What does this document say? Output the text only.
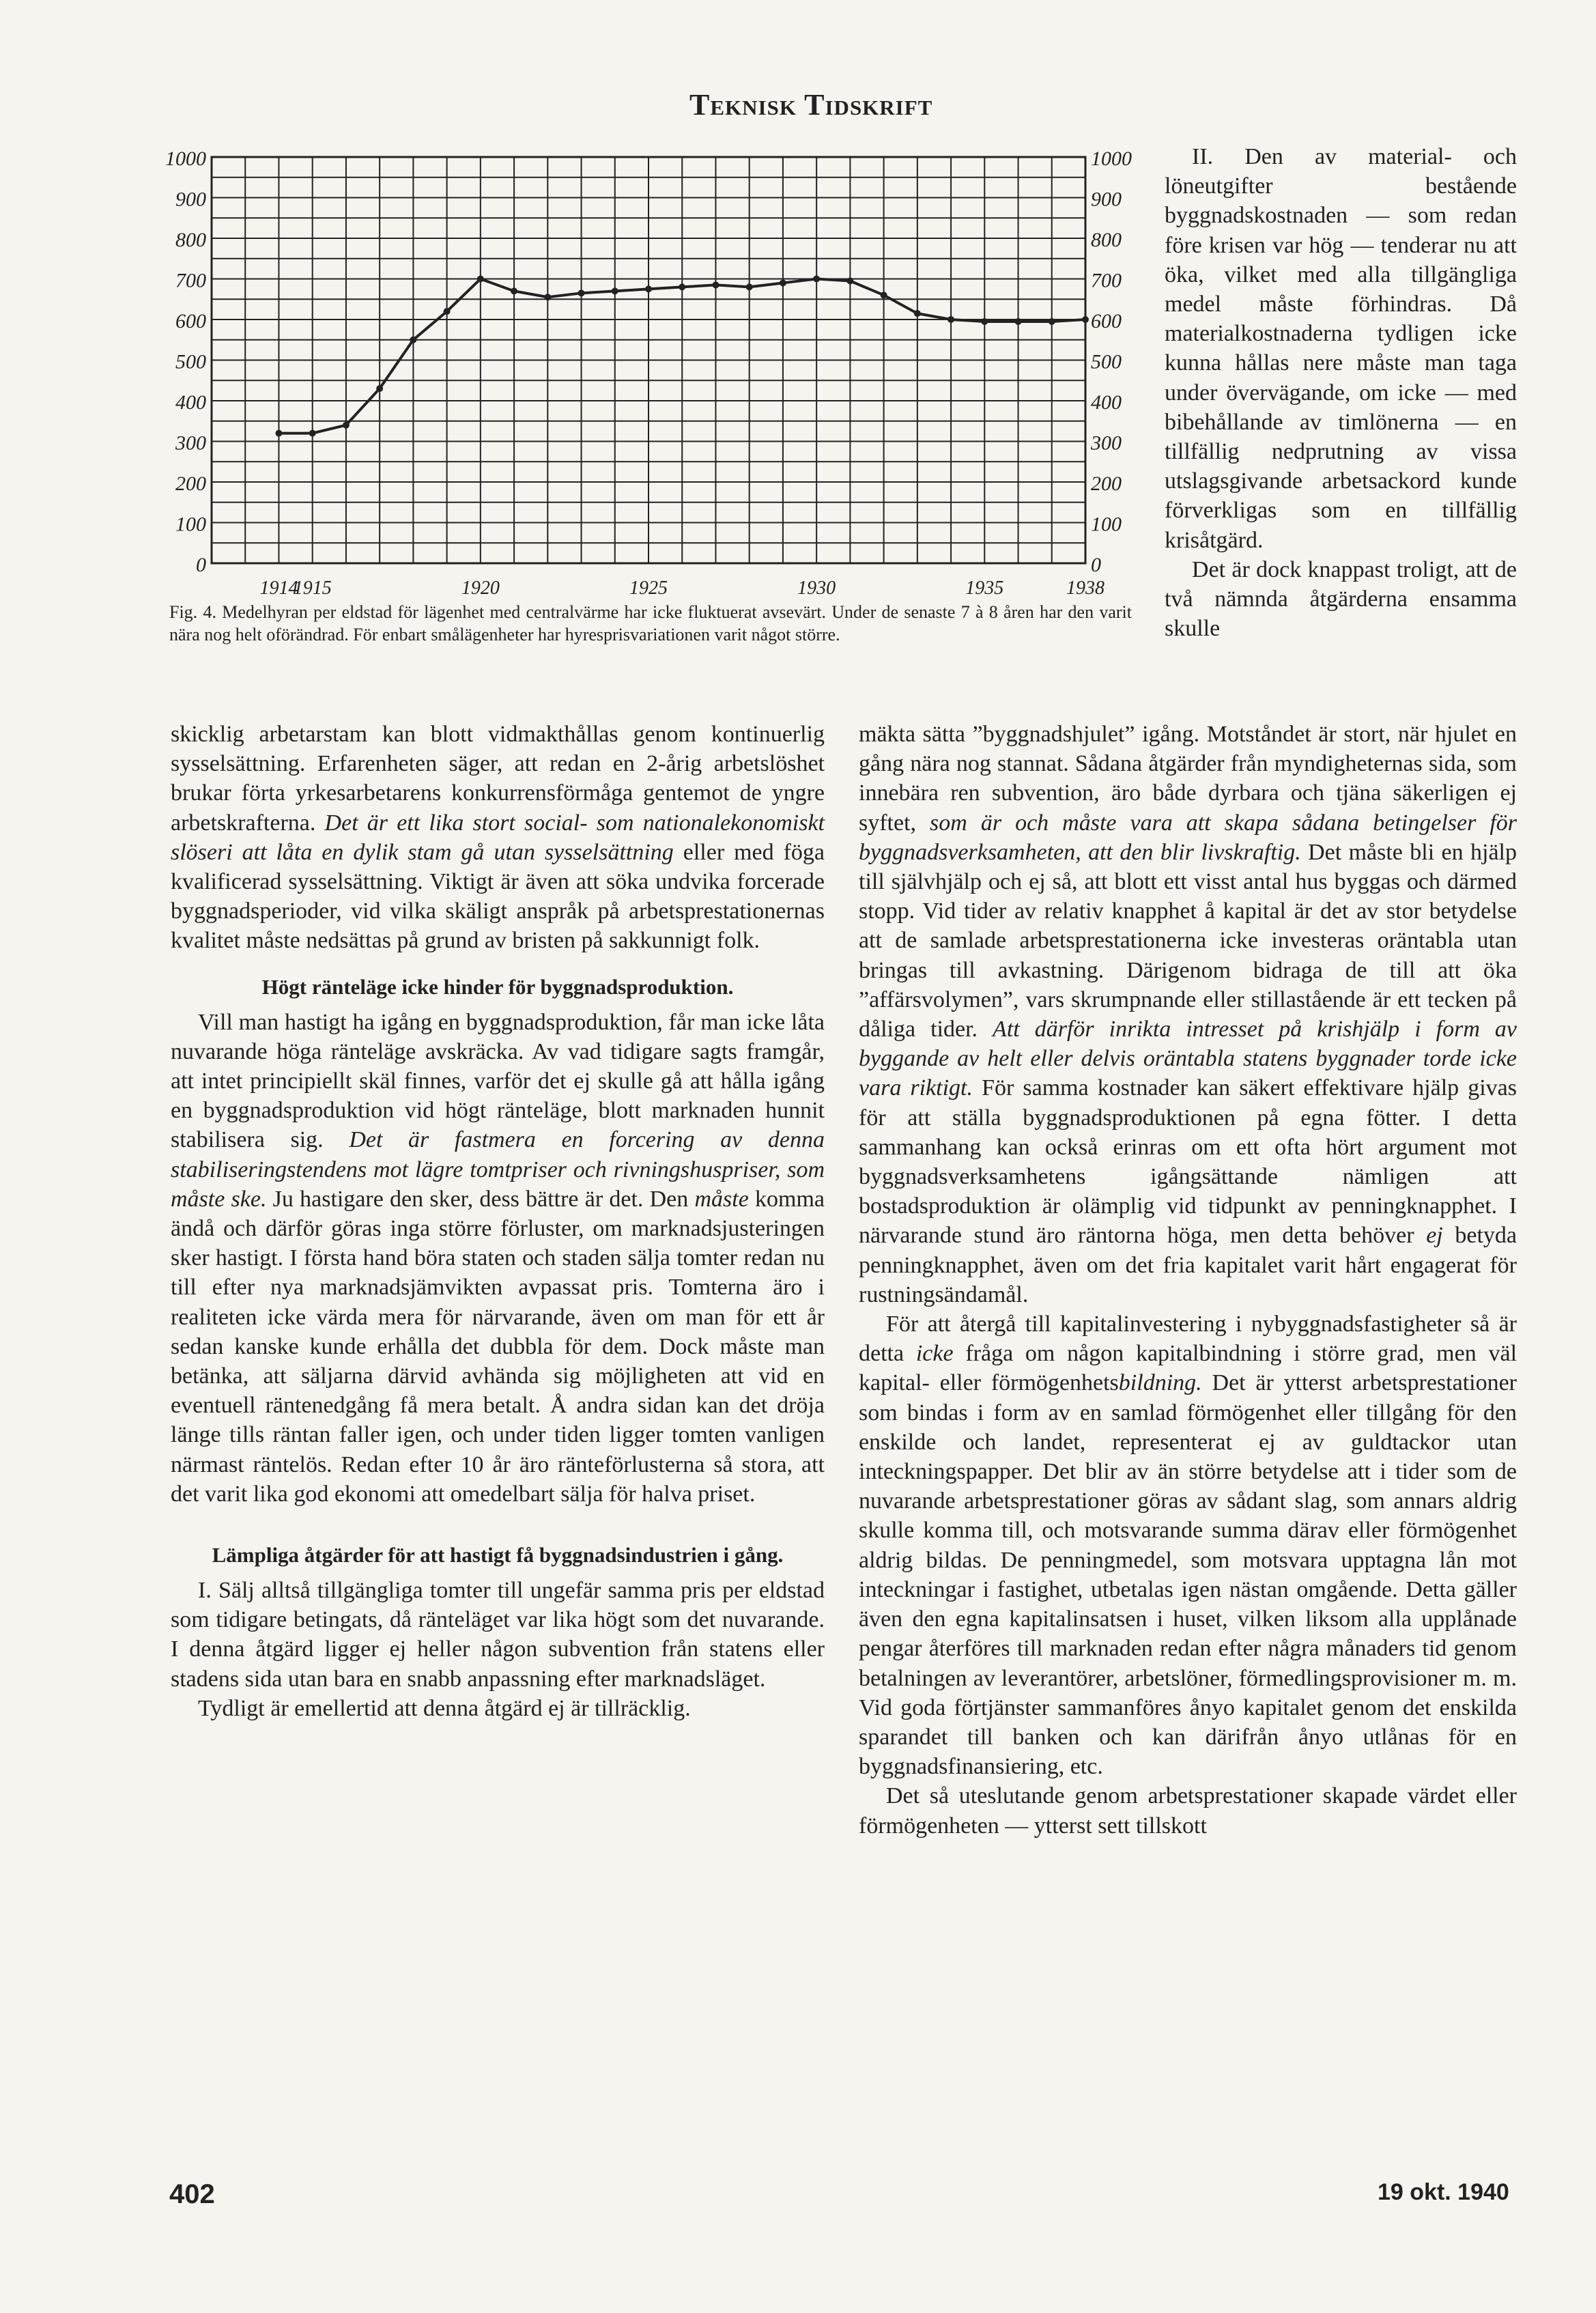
Teknisk Tidskrift
0	0
100	100
200	200
300	300
400	400
500	500
600	600
700	700
800	800
900	900
1000	1000
1914
1915	1920	1925	1930	1935	1938
Fig. 4. Medelhyran per eldstad för lägenhet med centralvärme har icke fluktuerat avsevärt. Under de senaste 7 à 8 åren har den varit nära nog helt oförändrad. För enbart smålägenheter har hyresprisvariationen varit något större.

II. Den av material- och löneutgifter bestående byggnadskostnaden — som redan före krisen var hög — tenderar nu att öka, vilket med alla tillgängliga medel måste förhindras. Då materialkostnaderna tydligen icke kunna hållas nere måste man taga under övervägande, om icke — med bibehållande av timlönerna — en tillfällig nedprutning av vissa utslagsgivande arbetsackord kunde förverkligas som en tillfällig krisåtgärd.

Det är dock knappast troligt, att de två nämnda åtgärderna ensamma skulle

skicklig arbetarstam kan blott vidmakthållas genom kontinuerlig sysselsättning. Erfarenheten säger, att redan en 2-årig arbetslöshet brukar förta yrkesarbetarens konkurrensförmåga gentemot de yngre arbetskrafterna. Det är ett lika stort social- som nationalekonomiskt slöseri att låta en dylik stam gå utan sysselsättning eller med föga kvalificerad sysselsättning. Viktigt är även att söka undvika forcerade byggnadsperioder, vid vilka skäligt anspråk på arbetsprestationernas kvalitet måste nedsättas på grund av bristen på sakkunnigt folk.

Högt ränteläge icke hinder för byggnadsproduktion.

Vill man hastigt ha igång en byggnadsproduktion, får man icke låta nuvarande höga ränteläge avskräcka. Av vad tidigare sagts framgår, att intet principiellt skäl finnes, varför det ej skulle gå att hålla igång en byggnadsproduktion vid högt ränteläge, blott marknaden hunnit stabilisera sig. Det är fastmera en forcering av denna stabiliseringstendens mot lägre tomtpriser och rivningshuspriser, som måste ske. Ju hastigare den sker, dess bättre är det. Den måste komma ändå och därför göras inga större förluster, om marknadsjusteringen sker hastigt. I första hand böra staten och staden sälja tomter redan nu till efter nya marknadsjämvikten avpassat pris. Tomterna äro i realiteten icke värda mera för närvarande, även om man för ett år sedan kanske kunde erhålla det dubbla för dem. Dock måste man betänka, att säljarna därvid avhända sig möjligheten att vid en eventuell räntenedgång få mera betalt. Å andra sidan kan det dröja länge tills räntan faller igen, och under tiden ligger tomten vanligen närmast räntelös. Redan efter 10 år äro ränteförlusterna så stora, att det varit lika god ekonomi att omedelbart sälja för halva priset.

Lämpliga åtgärder för att hastigt få byggnadsindustrien i gång.

I. Sälj alltså tillgängliga tomter till ungefär samma pris per eldstad som tidigare betingats, då ränteläget var lika högt som det nuvarande. I denna åtgärd ligger ej heller någon subvention från statens eller stadens sida utan bara en snabb anpassning efter marknadsläget.

Tydligt är emellertid att denna åtgärd ej är tillräcklig.

mäkta sätta ”byggnadshjulet” igång. Motståndet är stort, när hjulet en gång nära nog stannat. Sådana åtgärder från myndigheternas sida, som innebära ren subvention, äro både dyrbara och tjäna säkerligen ej syftet, som är och måste vara att skapa sådana betingelser för byggnadsverksamheten, att den blir livskraftig. Det måste bli en hjälp till självhjälp och ej så, att blott ett visst antal hus byggas och därmed stopp. Vid tider av relativ knapphet å kapital är det av stor betydelse att de samlade arbetsprestationerna icke investeras oräntabla utan bringas till avkastning. Därigenom bidraga de till att öka ”affärsvolymen”, vars skrumpnande eller stillastående är ett tecken på dåliga tider. Att därför inrikta intresset på krishjälp i form av byggande av helt eller delvis oräntabla statens byggnader torde icke vara riktigt. För samma kostnader kan säkert effektivare hjälp givas för att ställa byggnadsproduktionen på egna fötter. I detta sammanhang kan också erinras om ett ofta hört argument mot byggnadsverksamhetens igångsättande nämligen att bostadsproduktion är olämplig vid tidpunkt av penningknapphet. I närvarande stund äro räntorna höga, men detta behöver ej betyda penningknapphet, även om det fria kapitalet varit hårt engagerat för rustningsändamål.

För att återgå till kapitalinvestering i nybyggnadsfastigheter så är detta icke fråga om någon kapitalbindning i större grad, men väl kapital- eller förmögenhetsbildning. Det är ytterst arbetsprestationer som bindas i form av en samlad förmögenhet eller tillgång för den enskilde och landet, representerat ej av guldtackor utan inteckningspapper. Det blir av än större betydelse att i tider som de nuvarande arbetsprestationer göras av sådant slag, som annars aldrig skulle komma till, och motsvarande summa därav eller förmögenhet aldrig bildas. De penningmedel, som motsvara upptagna lån mot inteckningar i fastighet, utbetalas igen nästan omgående. Detta gäller även den egna kapitalinsatsen i huset, vilken liksom alla upplånade pengar återföres till marknaden redan efter några månaders tid genom betalningen av leverantörer, arbetslöner, förmedlingsprovisioner m. m. Vid goda förtjänster sammanföres ånyo kapitalet genom det enskilda sparandet till banken och kan därifrån ånyo utlånas för en byggnadsfinansiering, etc.

Det så uteslutande genom arbetsprestationer skapade värdet eller förmögenheten — ytterst sett tillskott

402	19 okt. 1940
